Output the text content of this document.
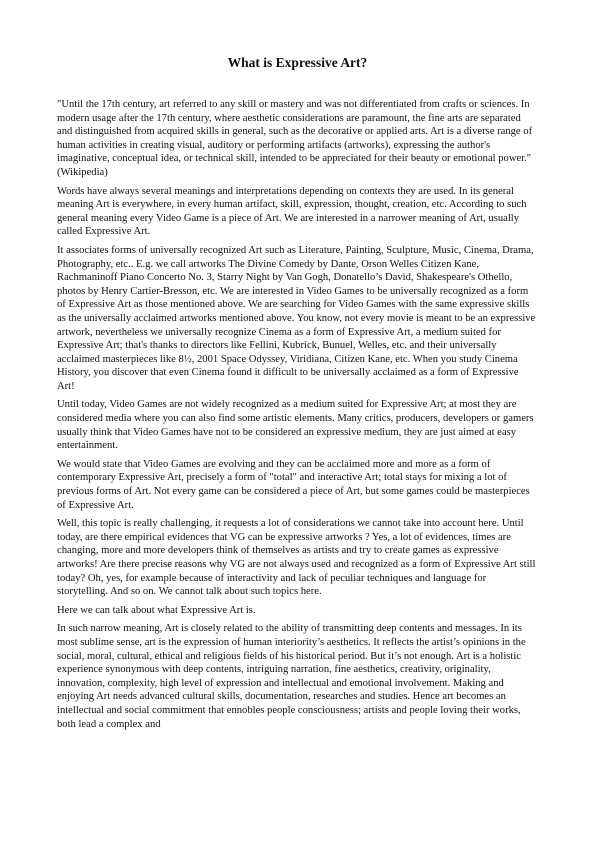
What is Expressive Art?

"Until the 17th century, art referred to any skill or mastery and was not differentiated from crafts or sciences. In modern usage after the 17th century, where aesthetic considerations are paramount, the fine arts are separated and distinguished from acquired skills in general, such as the decorative or applied arts. Art is a diverse range of human activities in creating visual, auditory or performing artifacts (artworks), expressing the author's imaginative, conceptual idea, or technical skill, intended to be appreciated for their beauty or emotional power." (Wikipedia)

Words have always several meanings and interpretations depending on contexts they are used. In its general meaning Art is everywhere, in every human artifact, skill, expression, thought, creation, etc. According to such general meaning every Video Game is a piece of Art. We are interested in a narrower meaning of Art, usually called Expressive Art.

It associates forms of universally recognized Art such as Literature, Painting, Sculpture, Music, Cinema, Drama, Photography, etc.. E.g. we call artworks The Divine Comedy by Dante, Orson Welles Citizen Kane, Rachmaninoff Piano Concerto No. 3, Starry Night by Van Gogh, Donatello’s David, Shakespeare's Othello, photos by Henry Cartier-Bresson, etc. We are interested in Video Games to be universally recognized as a form of Expressive Art as those mentioned above. We are searching for Video Games with the same expressive skills as the universally acclaimed artworks mentioned above. You know, not every movie is meant to be an expressive artwork, nevertheless we universally recognize Cinema as a form of Expressive Art, a medium suited for Expressive Art; that's thanks to directors like Fellini, Kubrick, Bunuel, Welles, etc. and their universally acclaimed masterpieces like 8½, 2001 Space Odyssey, Viridiana, Citizen Kane, etc. When you study Cinema History, you discover that even Cinema found it difficult to be universally acclaimed as a form of Expressive Art!

Until today, Video Games are not widely recognized as a medium suited for Expressive Art; at most they are considered media where you can also find some artistic elements. Many critics, producers, developers or gamers usually think that Video Games have not to be considered an expressive medium, they are just aimed at easy entertainment.

We would state that Video Games are evolving and they can be acclaimed more and more as a form of contemporary Expressive Art, precisely a form of "total" and interactive Art; total stays for mixing a lot of previous forms of Art. Not every game can be considered a piece of Art, but some games could be masterpieces of Expressive Art.

Well, this topic is really challenging, it requests a lot of considerations we cannot take into account here. Until today, are there empirical evidences that VG can be expressive artworks ? Yes, a lot of evidences, times are changing, more and more developers think of themselves as artists and try to create games as expressive artworks! Are there precise reasons why VG are not always used and recognized as a form of Expressive Art still today? Oh, yes, for example because of interactivity and lack of peculiar techniques and language for storytelling. And so on. We cannot talk about such topics here.

Here we can talk about what Expressive Art is.

In such narrow meaning, Art is closely related to the ability of transmitting deep contents and messages. In its most sublime sense, art is the expression of human interiority’s aesthetics. It reflects the artist’s opinions in the social, moral, cultural, ethical and religious fields of his historical period. But it’s not enough. Art is a holistic experience synonymous with deep contents, intriguing narration, fine aesthetics, creativity, originality, innovation, complexity, high level of expression and intellectual and emotional involvement. Making and enjoying Art needs advanced cultural skills, documentation, researches and studies. Hence art becomes an intellectual and social commitment that ennobles people consciousness; artists and people loving their works, both lead a complex and
